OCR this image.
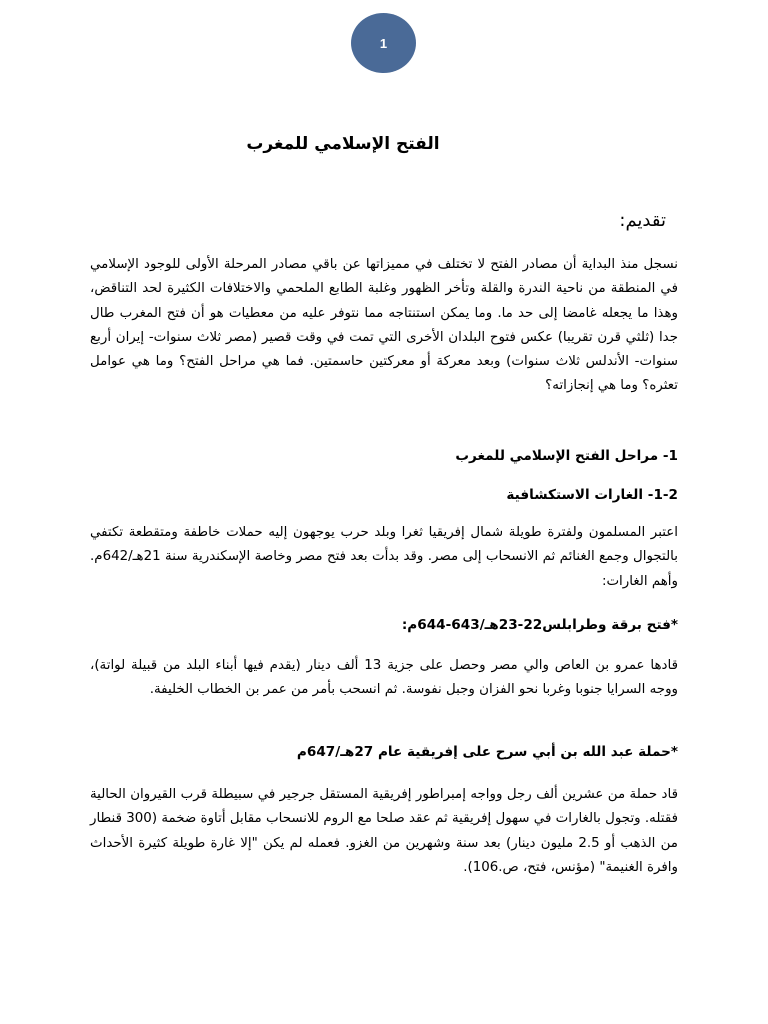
1
الفتح الإسلامي للمغرب
تقديم:
نسجل منذ البداية أن مصادر الفتح لا تختلف في مميزاتها عن باقي مصادر المرحلة الأولى للوجود الإسلامي في المنطقة من ناحية الندرة والقلة وتأخر الظهور وغلبة الطابع الملحمي والاختلافات الكثيرة لحد التناقض، وهذا ما يجعله غامضا إلى حد ما. وما يمكن استنتاجه مما نتوفر عليه من معطيات هو أن فتح المغرب طال جدا (ثلثي قرن تقريبا) عكس فتوح البلدان الأخرى التي تمت في وقت قصير (مصر ثلاث سنوات- إيران أربع سنوات- الأندلس ثلاث سنوات) وبعد معركة أو معركتين حاسمتين. فما هي مراحل الفتح؟ وما هي عوامل تعثره؟ وما هي إنجازاته؟
1- مراحل الفتح الإسلامي للمغرب
1-2- الغارات الاستكشافية
اعتبر المسلمون ولفترة طويلة شمال إفريقيا ثغرا وبلد حرب يوجهون إليه حملات خاطفة ومتقطعة تكتفي بالتجوال وجمع الغنائم ثم الانسحاب إلى مصر. وقد بدأت بعد فتح مصر وخاصة الإسكندرية سنة 21هـ/642م. وأهم الغارات:
*فتح برقة وطرابلس22-23هـ/643-644م:
قادها عمرو بن العاص والي مصر وحصل على جزية 13 ألف دينار (يقدم فيها أبناء البلد من قبيلة لواتة)، ووجه السرايا جنوبا وغربا نحو الفزان وجبل نفوسة. ثم انسحب بأمر من عمر بن الخطاب الخليفة.
*حملة عبد الله بن أبي سرح على إفريقية عام 27هـ/647م
قاد حملة من عشرين ألف رجل وواجه إمبراطور إفريقية المستقل جرجير في سبيطلة قرب القيروان الحالية فقتله. وتجول بالغارات في سهول إفريقية ثم عقد صلحا مع الروم للانسحاب مقابل أتاوة ضخمة (300 قنطار من الذهب أو 2.5 مليون دينار) بعد سنة وشهرين من الغزو. فعمله لم يكن "إلا غارة طويلة كثيرة الأحداث وافرة الغنيمة" (مؤنس، فتح، ص.106).
